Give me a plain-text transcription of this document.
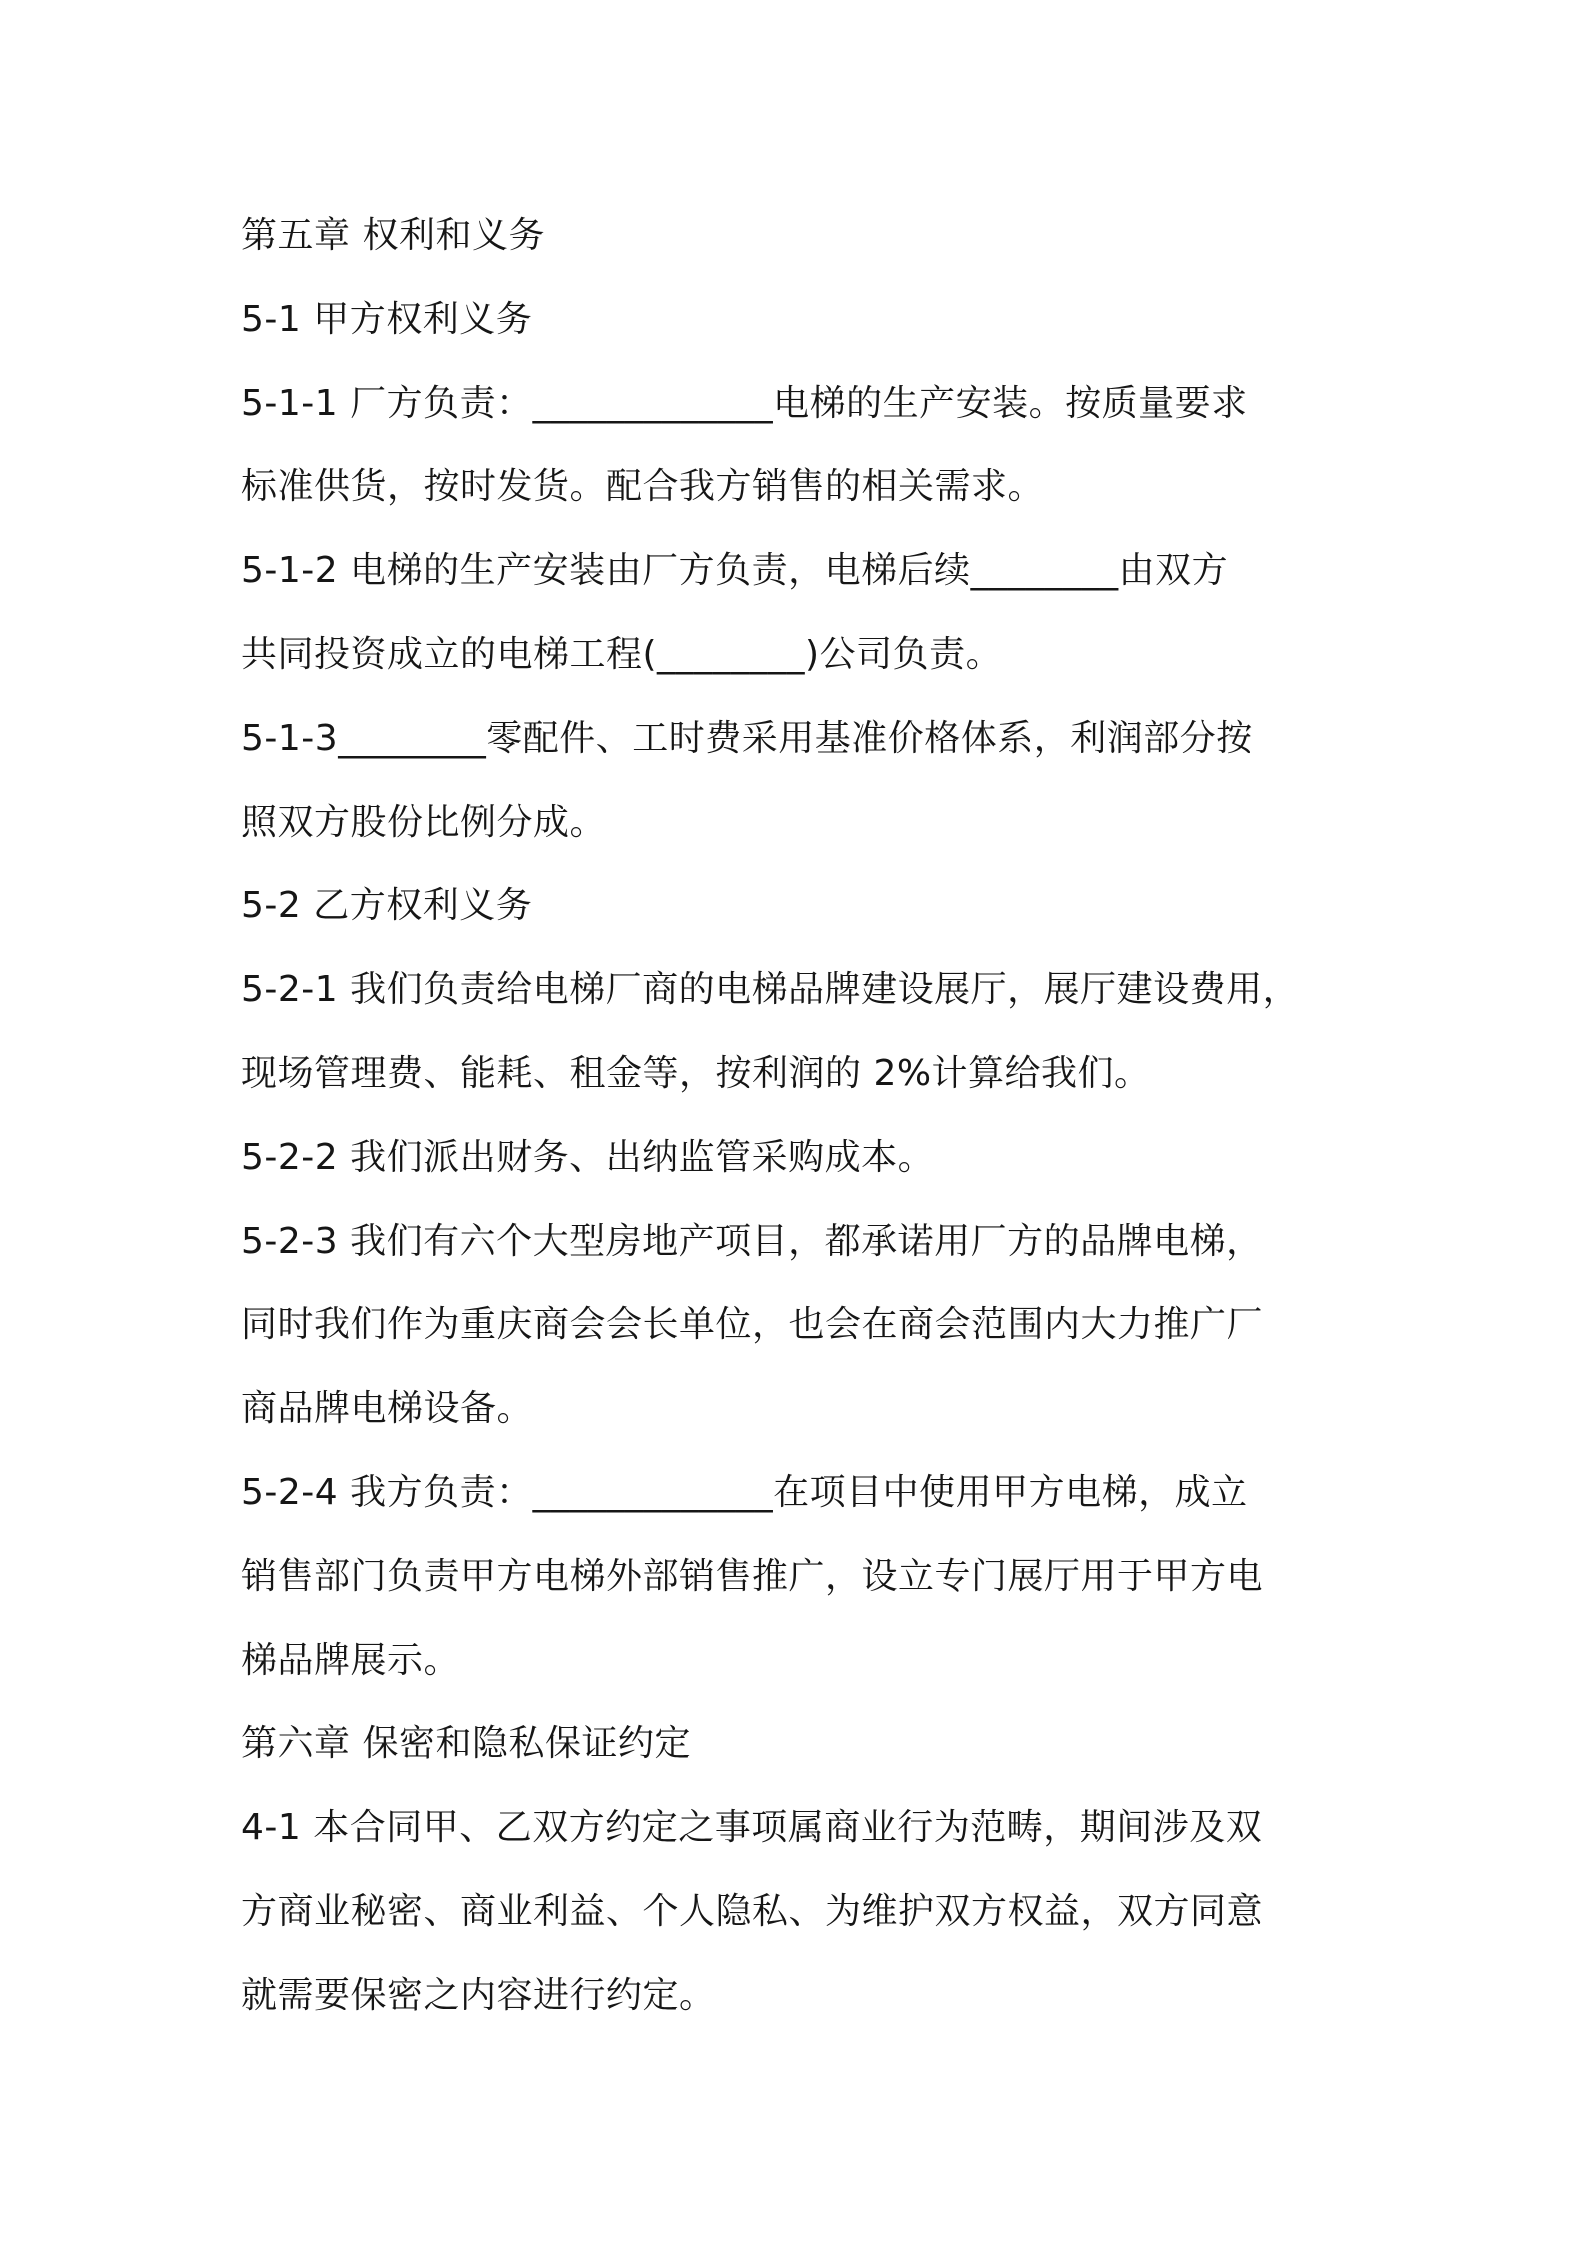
第五章 权利和义务

5-1 甲方权利义务

5-1-1 厂方负责：_____________电梯的生产安装。按质量要求

标准供货，按时发货。配合我方销售的相关需求。

5-1-2 电梯的生产安装由厂方负责，电梯后续________由双方

共同投资成立的电梯工程(________)公司负责。

5-1-3________零配件、工时费采用基准价格体系，利润部分按

照双方股份比例分成。

5-2 乙方权利义务

5-2-1 我们负责给电梯厂商的电梯品牌建设展厅，展厅建设费用，

现场管理费、能耗、租金等，按利润的 2%计算给我们。

5-2-2 我们派出财务、出纳监管采购成本。

5-2-3 我们有六个大型房地产项目，都承诺用厂方的品牌电梯，

同时我们作为重庆商会会长单位，也会在商会范围内大力推广厂

商品牌电梯设备。

5-2-4 我方负责：_____________在项目中使用甲方电梯，成立

销售部门负责甲方电梯外部销售推广，设立专门展厅用于甲方电

梯品牌展示。

第六章 保密和隐私保证约定

4-1 本合同甲、乙双方约定之事项属商业行为范畴，期间涉及双

方商业秘密、商业利益、个人隐私、为维护双方权益，双方同意

就需要保密之内容进行约定。
